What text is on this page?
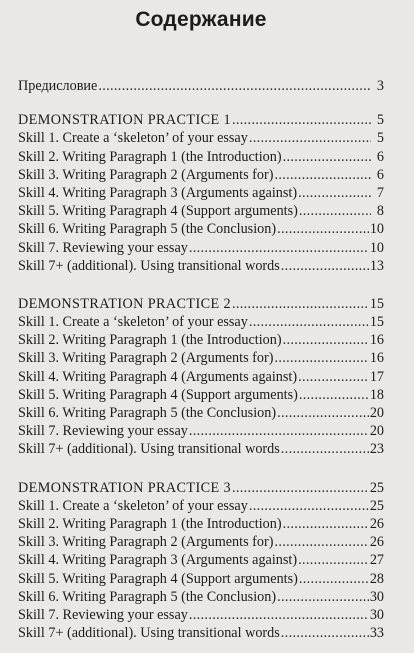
Содержание
Предисловие . . .	3
DEMONSTRATION PRACTICE 1 . . .	5
Skill 1. Create a ‘skeleton’ of your essay . . .	5
Skill 2. Writing Paragraph 1 (the Introduction) . . .	6
Skill 3. Writing Paragraph 2 (Arguments for) . . .	6
Skill 4. Writing Paragraph 3 (Arguments against) . . .	7
Skill 5. Writing Paragraph 4 (Support arguments) . . .	8
Skill 6. Writing Paragraph 5 (the Conclusion) . . .	10
Skill 7. Reviewing your essay . . .	10
Skill 7+ (additional). Using transitional words . . .	13
DEMONSTRATION PRACTICE 2 . . .	15
Skill 1. Create a ‘skeleton’ of your essay . . .	15
Skill 2. Writing Paragraph 1 (the Introduction) . . .	16
Skill 3. Writing Paragraph 2 (Arguments for) . . .	16
Skill 4. Writing Paragraph 4 (Arguments against) . . .	17
Skill 5. Writing Paragraph 4 (Support arguments) . . .	18
Skill 6. Writing Paragraph 5 (the Conclusion) . . .	20
Skill 7. Reviewing your essay . . .	20
Skill 7+ (additional). Using transitional words . . .	23
DEMONSTRATION PRACTICE 3 . . .	25
Skill 1. Create a ‘skeleton’ of your essay . . .	25
Skill 2. Writing Paragraph 1 (the Introduction) . . .	26
Skill 3. Writing Paragraph 2 (Arguments for) . . .	26
Skill 4. Writing Paragraph 3 (Arguments against) . . .	27
Skill 5. Writing Paragraph 4 (Support arguments) . . .	28
Skill 6. Writing Paragraph 5 (the Conclusion) . . .	30
Skill 7. Reviewing your essay . . .	30
Skill 7+ (additional). Using transitional words . . .	33
